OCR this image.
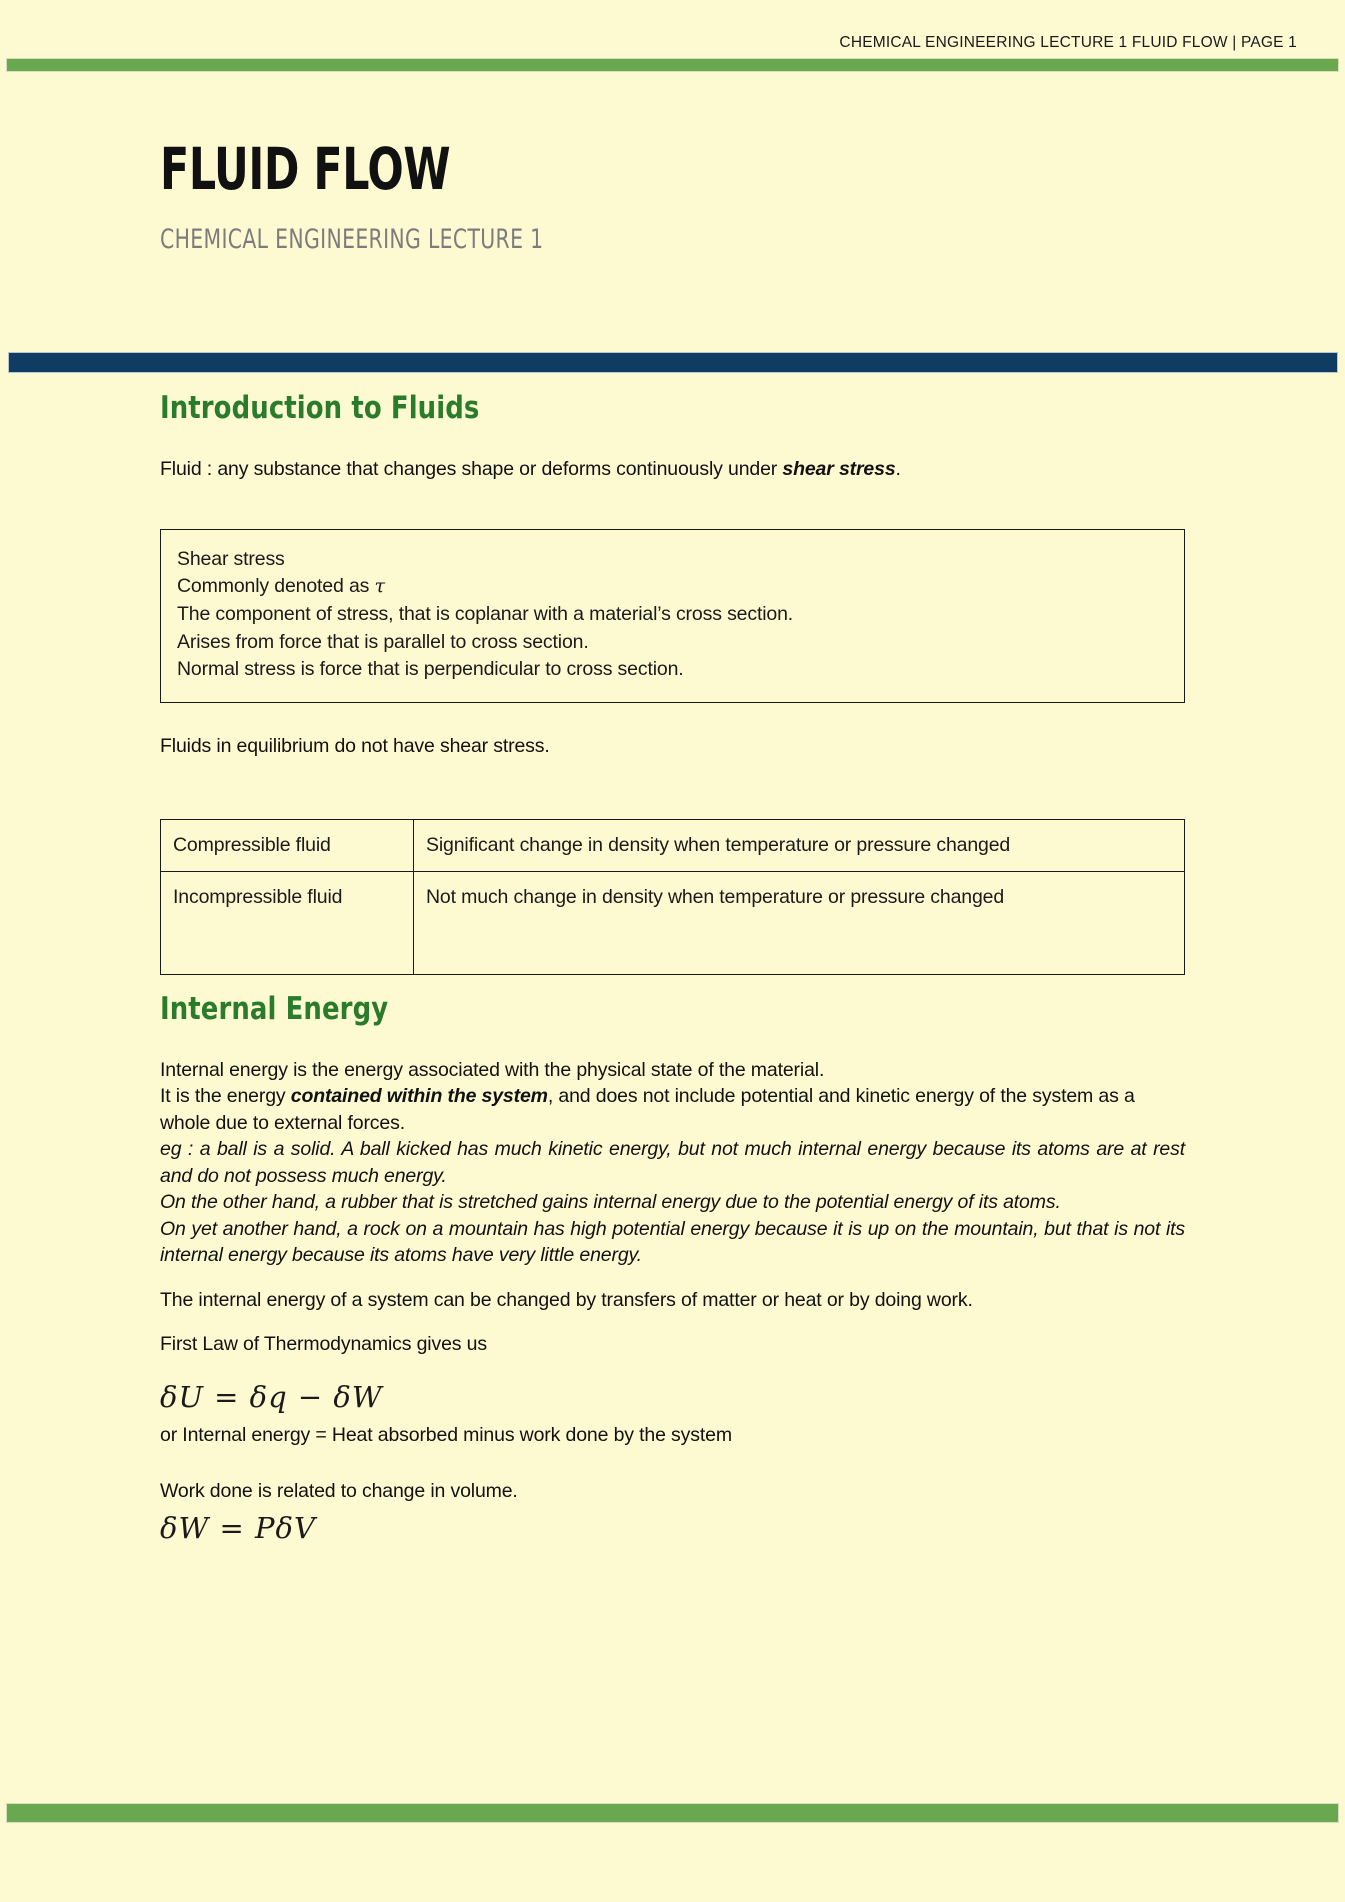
CHEMICAL ENGINEERING LECTURE 1 FLUID FLOW | PAGE 1
FLUID FLOW
CHEMICAL ENGINEERING LECTURE 1
Introduction to Fluids

Fluid : any substance that changes shape or deforms continuously under shear stress.

Shear stress
Commonly denoted as τ
The component of stress, that is coplanar with a material’s cross section.
Arises from force that is parallel to cross section.
Normal stress is force that is perpendicular to cross section.

Fluids in equilibrium do not have shear stress.

Compressible fluid	Significant change in density when temperature or pressure changed
Incompressible fluid	Not much change in density when temperature or pressure changed
Internal Energy

Internal energy is the energy associated with the physical state of the material.

It is the energy contained within the system, and does not include potential and kinetic energy of the system as a whole due to external forces.

eg : a ball is a solid. A ball kicked has much kinetic energy, but not much internal energy because its atoms are at rest and do not possess much energy.

On the other hand, a rubber that is stretched gains internal energy due to the potential energy of its atoms.

On yet another hand, a rock on a mountain has high potential energy because it is up on the mountain, but that is not its internal energy because its atoms have very little energy.

The internal energy of a system can be changed by transfers of matter or heat or by doing work.

First Law of Thermodynamics gives us

δU = δq − δW

or Internal energy = Heat absorbed minus work done by the system

Work done is related to change in volume.

δW = PδV
